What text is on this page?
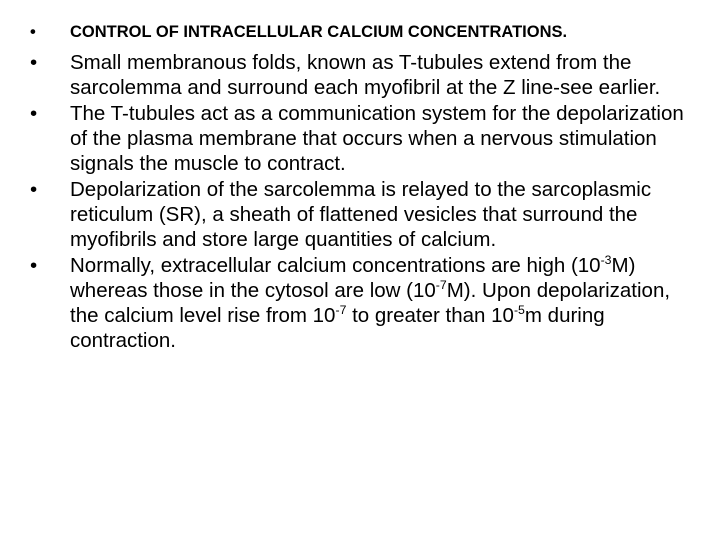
• CONTROL OF INTRACELLULAR CALCIUM CONCENTRATIONS.
• Small membranous folds, known as T-tubules extend from the sarcolemma and surround each myofibril at the Z line-see earlier.
• The T-tubules act as a communication system for the depolarization of the plasma membrane that occurs when a nervous stimulation signals the muscle to contract.
• Depolarization of the sarcolemma is relayed to the sarcoplasmic reticulum (SR), a sheath of flattened vesicles that surround the myofibrils and store large quantities of calcium.
• Normally, extracellular calcium concentrations are high $(10^{-3}M)$ whereas those in the cytosol are low $(10^{-7}M)$. Upon depolarization, the calcium level rise from $10^{-7}$ to greater than $10^{-5}m$ during contraction.
